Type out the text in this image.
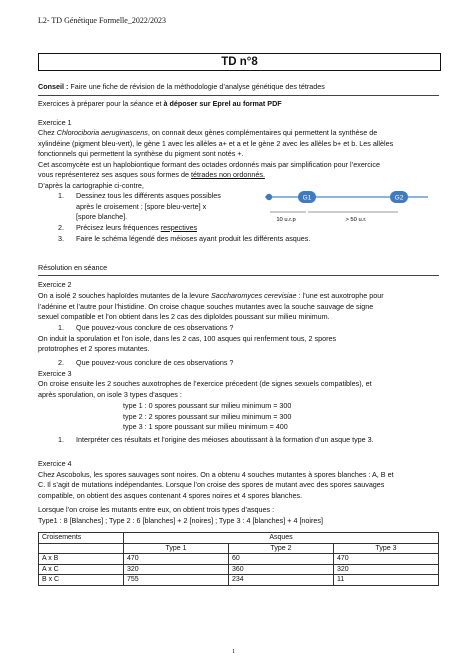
L2- TD Génétique Formelle_2022/2023
TD n°8
Conseil : Faire une fiche de révision de la méthodologie d’analyse génétique des tétrades
Exercices à préparer pour la séance et à déposer sur Eprel au format PDF
Exercice 1
Chez Chlorociboria aeruginascens, on connait deux gènes complémentaires qui permettent la synthèse de
xylindéine (pigment bleu-vert), le gène 1 avec les allèles a+ et a et le gène 2 avec les allèles b+ et b. Les allèles
fonctionnels qui permettent la synthèse du pigment sont notés +.
Cet ascomycète est un haplobiontique formant des octades ordonnés mais par simplification pour l’exercice
vous représenterez ses asques sous formes de tétrades non ordonnés.
D’après la cartographie ci-contre,
1. Dessinez tous les différents asques possibles
après le croisement : [spore bleu-verte] x
[spore blanche].
2. Précisez leurs fréquences respectives
3. Faire le schéma légendé des méioses ayant produit les différents asques.
G1	G2
10 u.r.p	> 50 u.r.
Résolution en séance
Exercice 2
On a isolé 2 souches haploïdes mutantes de la levure Saccharomyces cerevisiae : l’une est auxotrophe pour
l’adénine et l’autre pour l’histidine. On croise chaque souches mutantes avec la souche sauvage de signe
sexuel compatible et l’on obtient dans les 2 cas des diploïdes poussant sur milieu minimum.
1. Que pouvez-vous conclure de ces observations ?
On induit la sporulation et l’on isole, dans les 2 cas, 100 asques qui renferment tous, 2 spores
prototrophes et 2 spores mutantes.
2. Que pouvez-vous conclure de ces observations ?
Exercice 3
On croise ensuite les 2 souches auxotrophes de l’exercice précedent (de signes sexuels compatibles), et
après sporulation, on isole 3 types d’asques :
type 1 : 0 spores poussant sur milieu minimum = 300
type 2 : 2 spores poussant sur milieu minimum = 300
type 3 : 1 spore poussant sur milieu minimum = 400
1. Interpréter ces résultats et l’origine des méioses aboutissant à la formation d’un asque type 3.
Exercice 4
Chez Ascobolus, les spores sauvages sont noires. On a obtenu 4 souches mutantes à spores blanches : A, B et
C. Il s’agit de mutations indépendantes. Lorsque l’on croise des spores de mutant avec des spores sauvages
compatible, on obtient des asques contenant 4 spores noires et 4 spores blanches.
Lorsque l’on croise les mutants entre eux, on obtient trois types d’asques :
Type1 : 8 [Blanches] ; Type 2 : 6 [blanches] + 2 [noires] ; Type 3 : 4 [blanches] + 4 [noires]
Croisements	Asques		
	Type 1	Type 2	Type 3
A x B	470	60	470
A x C	320	360	320
B x C	755	234	11
1
